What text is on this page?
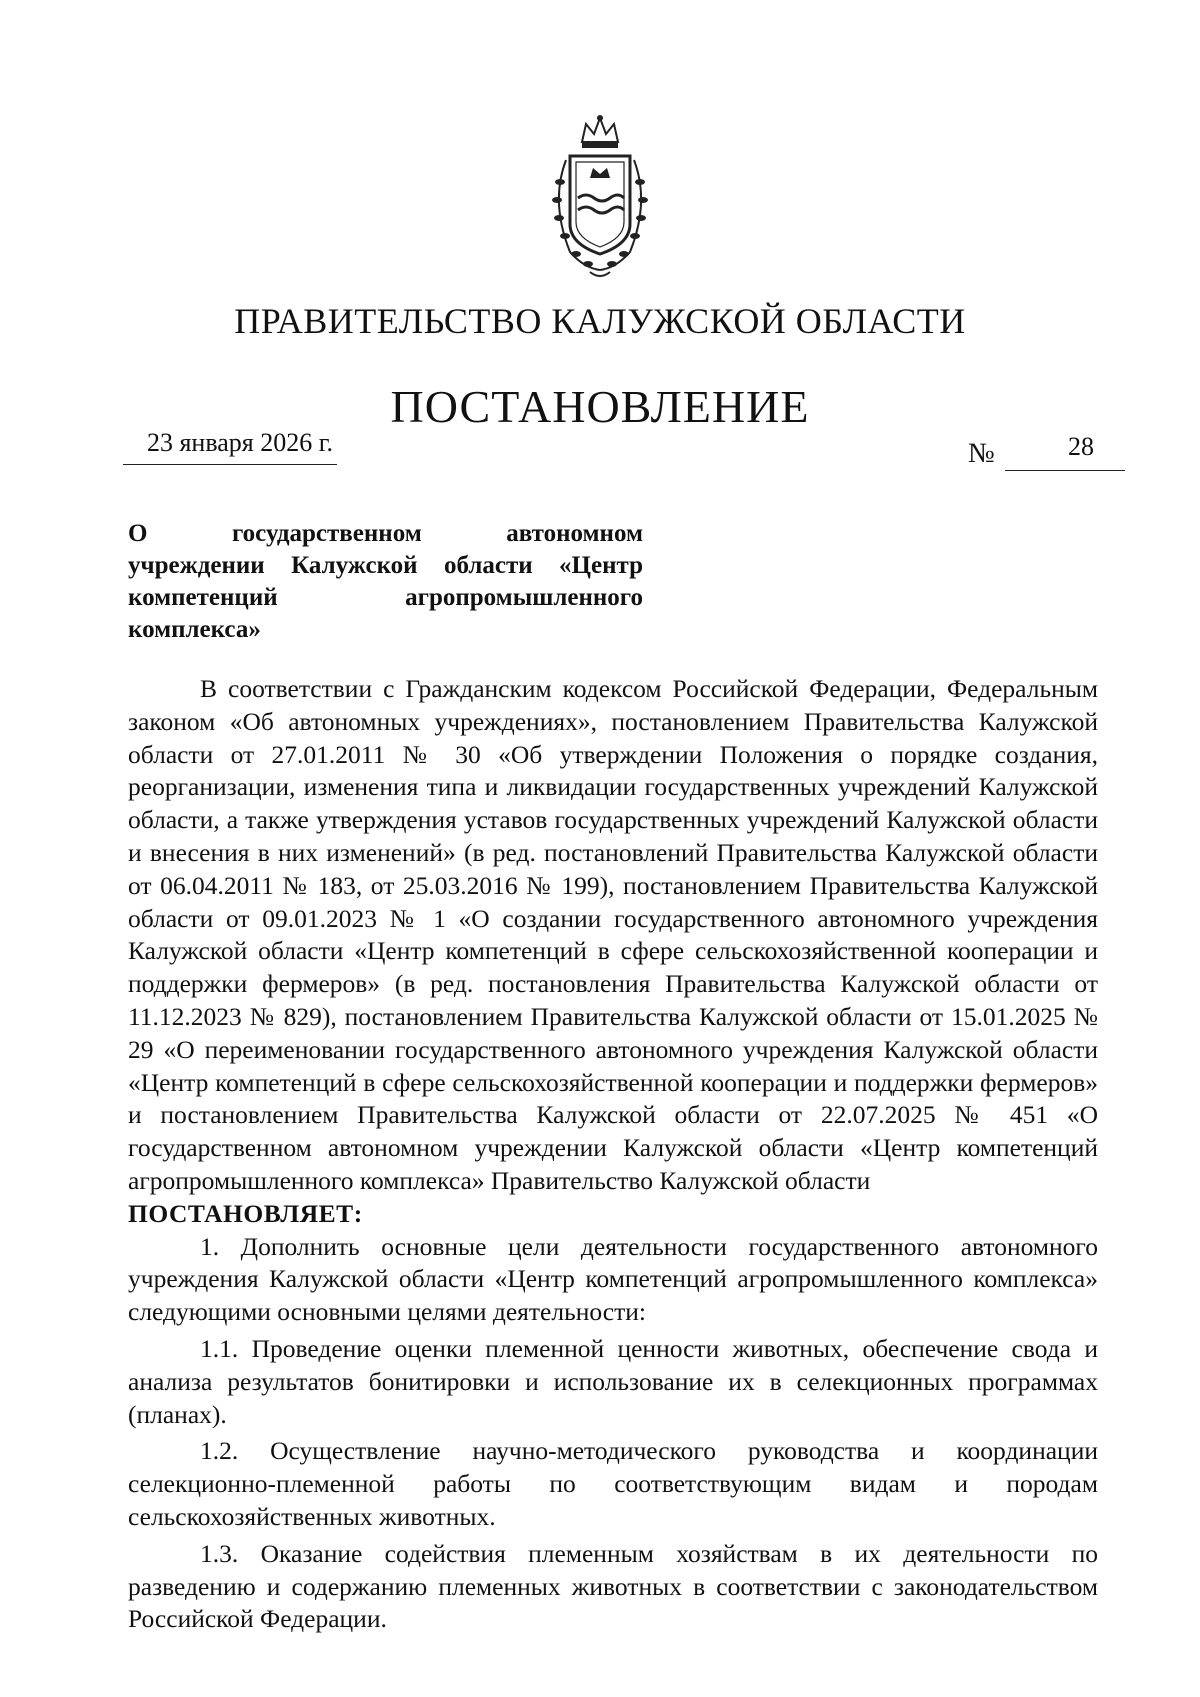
ПРАВИТЕЛЬСТВО КАЛУЖСКОЙ ОБЛАСТИ
ПОСТАНОВЛЕНИЕ
23 января 2026 г.	№	28
О государственном автономном
учреждении Калужской области «Центр
компетенций агропромышленного
комплекса»

В соответствии с Гражданским кодексом Российской Федерации, Федеральным законом «Об автономных учреждениях», постановлением Правительства Калужской области от 27.01.2011 № 30 «Об утверждении Положения о порядке создания, реорганизации, изменения типа и ликвидации государственных учреждений Калужской области, а также утверждения уставов государственных учреждений Калужской области и внесения в них изменений» (в ред. постановлений Правительства Калужской области от 06.04.2011 № 183, от 25.03.2016 № 199), постановлением Правительства Калужской области от 09.01.2023 № 1 «О создании государственного автономного учреждения Калужской области «Центр компетенций в сфере сельскохозяйственной кооперации и поддержки фермеров» (в ред. постановления Правительства Калужской области от 11.12.2023 № 829), постановлением Правительства Калужской области от 15.01.2025 № 29 «О переименовании государственного автономного учреждения Калужской области «Центр компетенций в сфере сельскохозяйственной кооперации и поддержки фермеров» и постановлением Правительства Калужской области от 22.07.2025 № 451 «О государственном автономном учреждении Калужской области «Центр компетенций агропромышленного комплекса» Правительство Калужской области

ПОСТАНОВЛЯЕТ:

1. Дополнить основные цели деятельности государственного автономного учреждения Калужской области «Центр компетенций агропромышленного комплекса» следующими основными целями деятельности:

1.1. Проведение оценки племенной ценности животных, обеспечение свода и анализа результатов бонитировки и использование их в селекционных программах (планах).

1.2. Осуществление научно-методического руководства и координации селекционно-племенной работы по соответствующим видам и породам сельскохозяйственных животных.

1.3. Оказание содействия племенным хозяйствам в их деятельности по разведению и содержанию племенных животных в соответствии с законодательством Российской Федерации.
